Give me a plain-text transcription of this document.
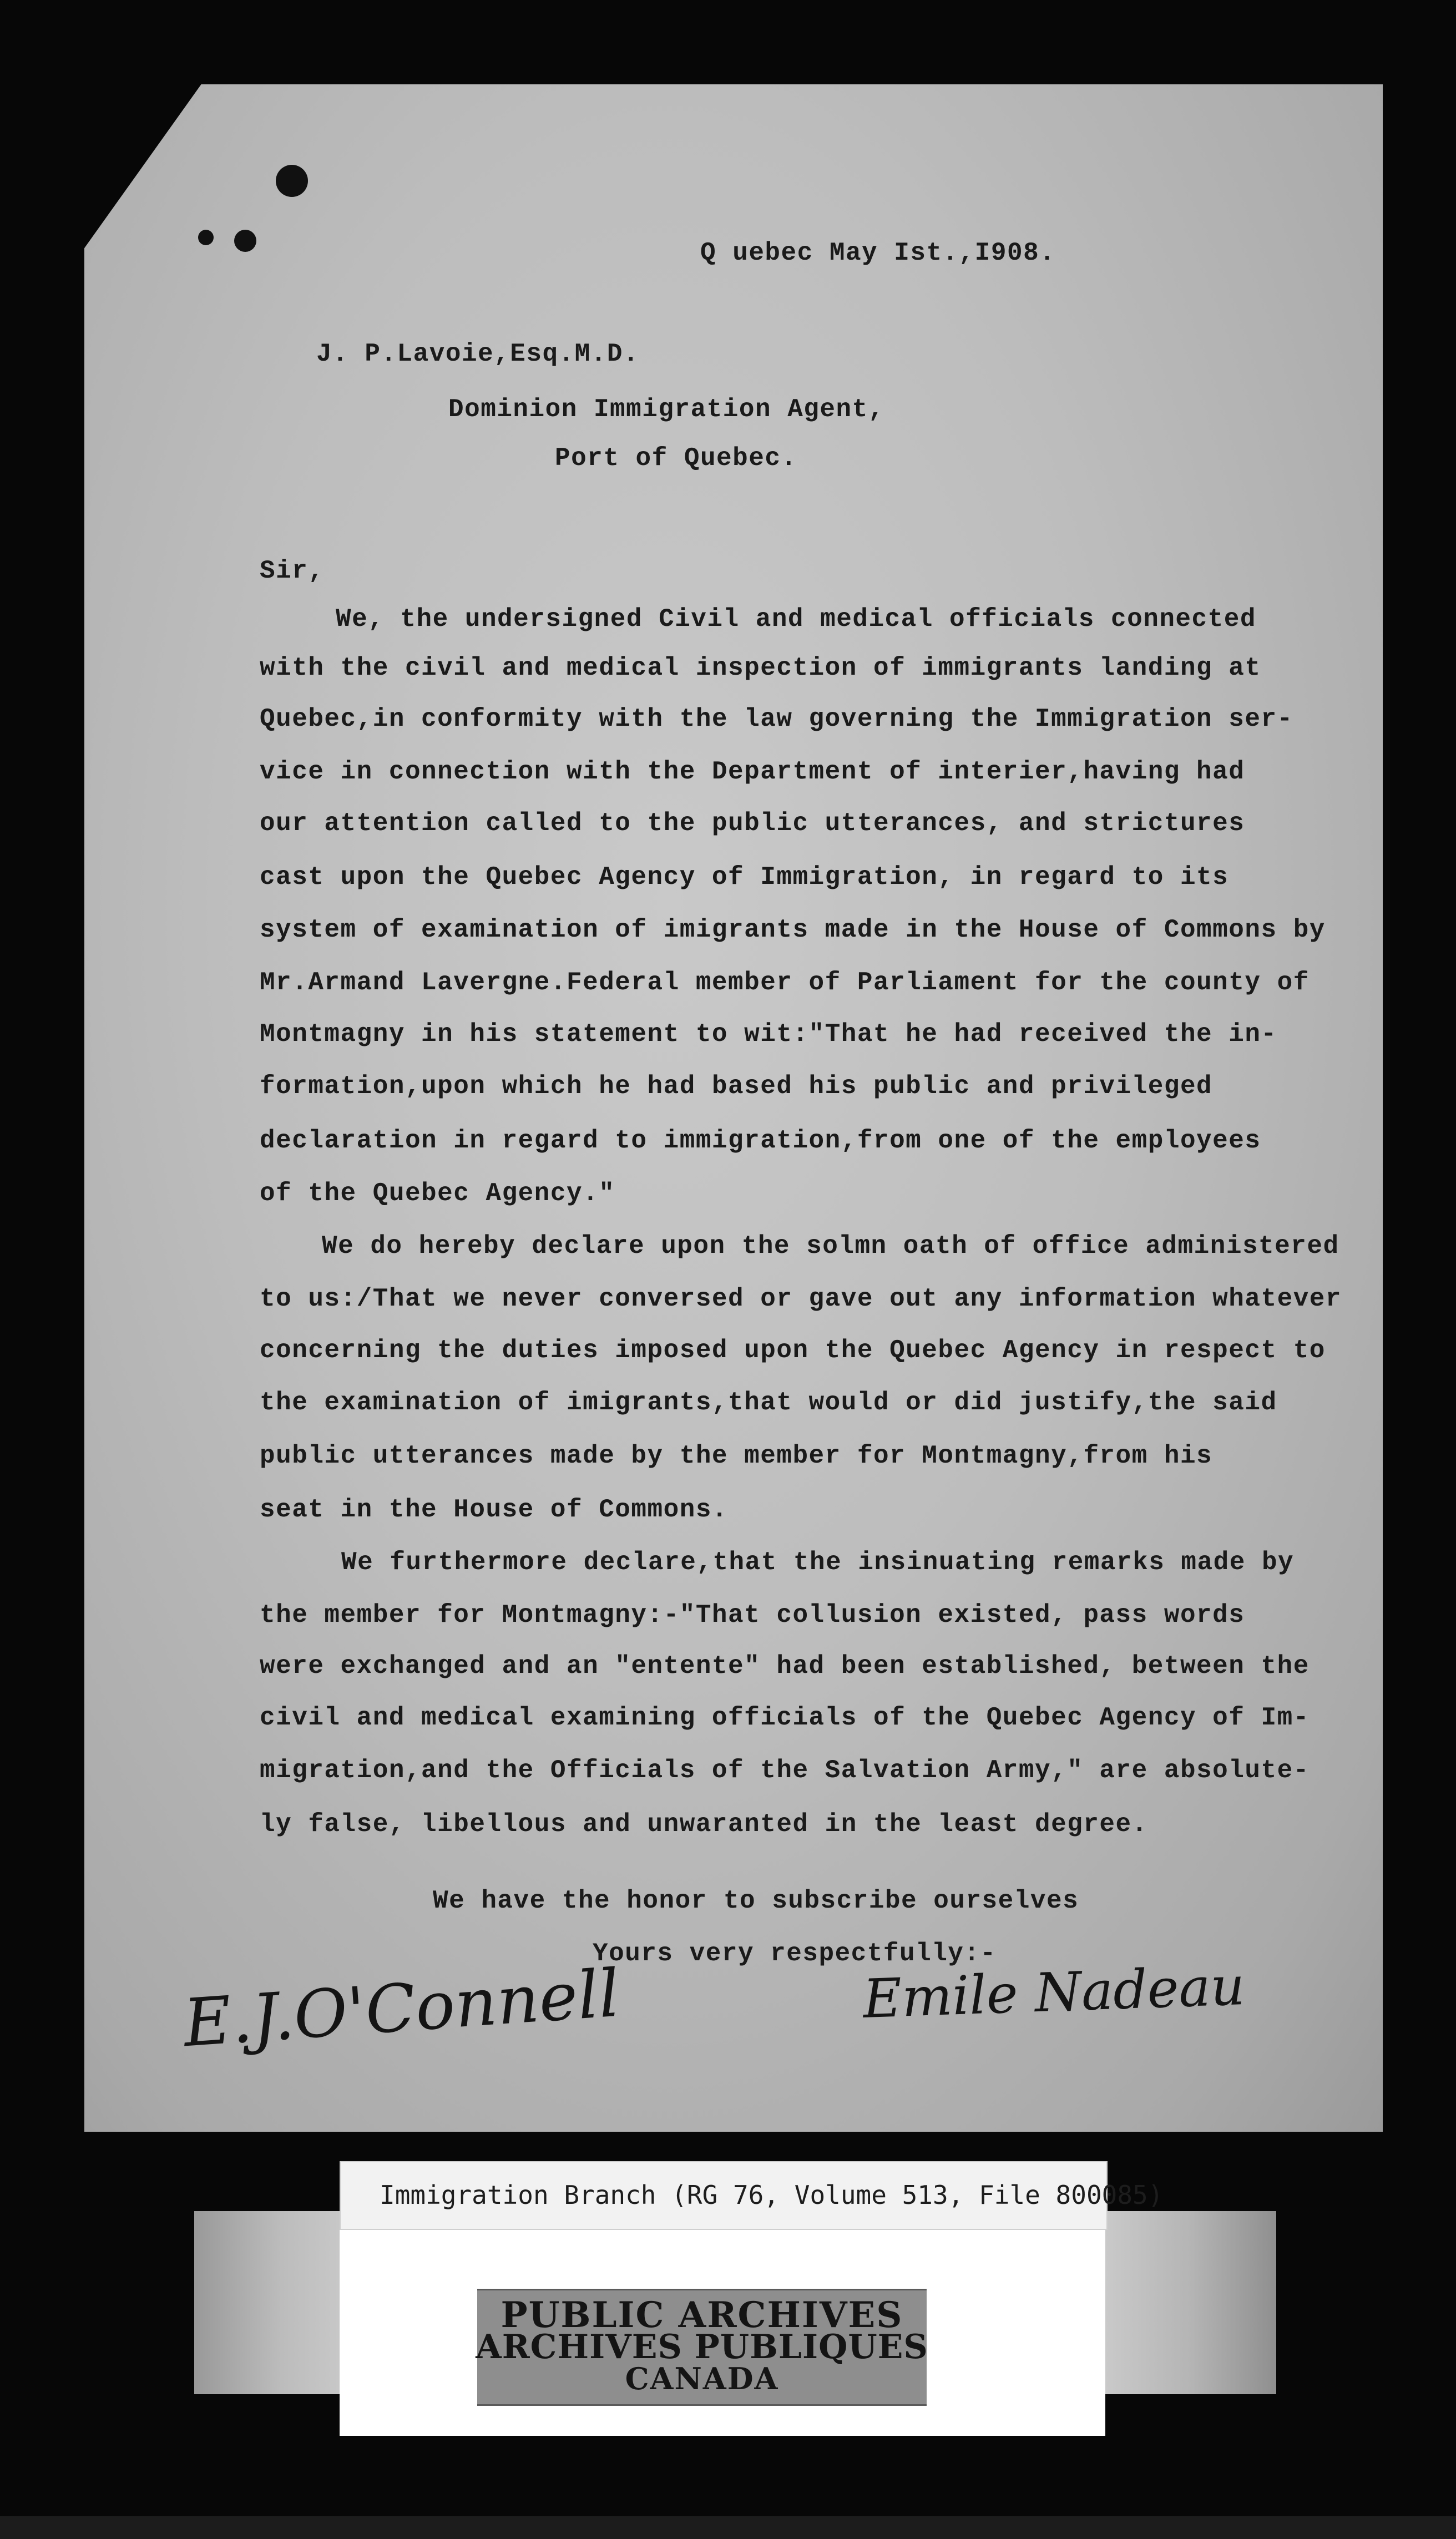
Q uebec May Ist.,I908.
J. P.Lavoie,Esq.M.D.
Dominion Immigration Agent,
Port of Quebec.
Sir,
We, the undersigned Civil and medical officials connected
with the civil and medical inspection of immigrants landing at
Quebec,in conformity with the law governing the Immigration ser-
vice in connection with the Department of interier,having had
our attention called to the public utterances, and strictures
cast upon the Quebec Agency of Immigration, in regard to its
system of examination of imigrants made in the House of Commons by
Mr.Armand Lavergne.Federal member of Parliament for the county of
Montmagny in his statement to wit:"That he had received the in-
formation,upon which he had based his public and privileged
declaration in regard to immigration,from one of the employees
of the Quebec Agency."
We do hereby declare upon the solmn oath of office administered
to us:/That we never conversed or gave out any information whatever
concerning the duties imposed upon the Quebec Agency in respect to
the examination of imigrants,that would or did justify,the said
public utterances made by the member for Montmagny,from his
seat in the House of Commons.
We furthermore declare,that the insinuating remarks made by
the member for Montmagny:-"That collusion existed, pass words
were exchanged and an "entente" had been established, between the
civil and medical examining officials of the Quebec Agency of Im-
migration,and the Officials of the Salvation Army," are absolute-
ly false, libellous and unwaranted in the least degree.
We have the honor to subscribe ourselves
Yours very respectfully:-
E.J.O'Connell	Emile Nadeau
Immigration Branch (RG 76, Volume 513, File 800085)
PUBLIC ARCHIVES
ARCHIVES PUBLIQUES
CANADA
